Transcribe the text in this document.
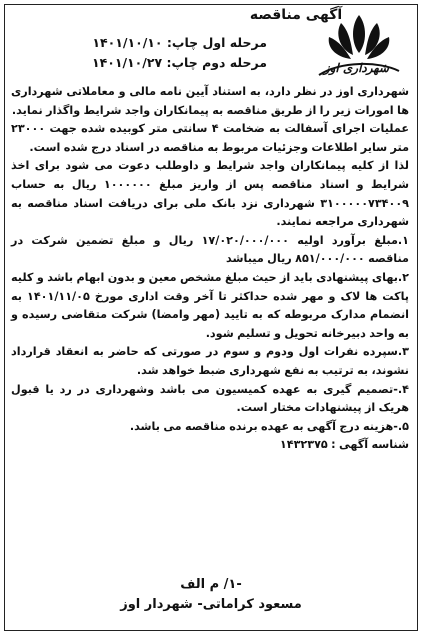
آگهی مناقصه
مرحله اول چاپ: ۱۴۰۱/۱۰/۱۰
مرحله دوم چاپ: ۱۴۰۱/۱۰/۲۷	شهرداری اوز

شهرداری اوز در نظر دارد، به استناد آیین نامه مالی و معاملاتی شهرداری ها امورات زیر را از طریق مناقصه به پیمانکاران واجد شرایط واگذار نماید.

عملیات اجرای آسفالت به ضخامت ۴ سانتی متر کوبیده شده جهت ۲۳۰۰۰ متر سایر اطلاعات وجزئیات مربوط به مناقصه در اسناد درج شده است.

لذا از کلیه پیمانکاران واجد شرایط و داوطلب دعوت می شود برای اخذ شرایط و اسناد مناقصه پس از واریز مبلغ ۱۰۰۰۰۰۰ ریال به حساب ۳۱۰۰۰۰۰۷۳۴۰۰۹ شهرداری نزد بانک ملی برای دریافت اسناد مناقصه به شهرداری مراجعه نمایند.

۱.مبلغ برآورد اولیه ۱۷/۰۲۰/۰۰۰/۰۰۰ ریال و مبلغ تضمین شرکت در مناقصه ۸۵۱/۰۰۰/۰۰۰ ریال میباشد

۲.بهای پیشنهادی باید از حیث مبلغ مشخص معین و بدون ابهام باشد و کلیه پاکت ها لاک و مهر شده حداکثر تا آخر وقت اداری مورخ ۱۴۰۱/۱۱/۰۵ به انضمام مدارک مربوطه که به تایید (مهر وامضا) شرکت متقاضی رسیده و به واحد دبیرخانه تحویل و تسلیم شود.

۳.سپرده نفرات اول ودوم و سوم در صورتی که حاضر به انعقاد قرارداد نشوند، به ترتیب به نفع شهرداری ضبط خواهد شد.

۴.-تصمیم گیری به عهده کمیسیون می باشد وشهرداری در رد یا قبول هریک از پیشنهادات مختار است.

۵.-هزینه درج آگهی به عهده برنده مناقصه می باشد.

شناسه آگهی : ۱۴۳۲۳۷۵

-۱/ م الف
مسعود کراماتی- شهردار اوز
